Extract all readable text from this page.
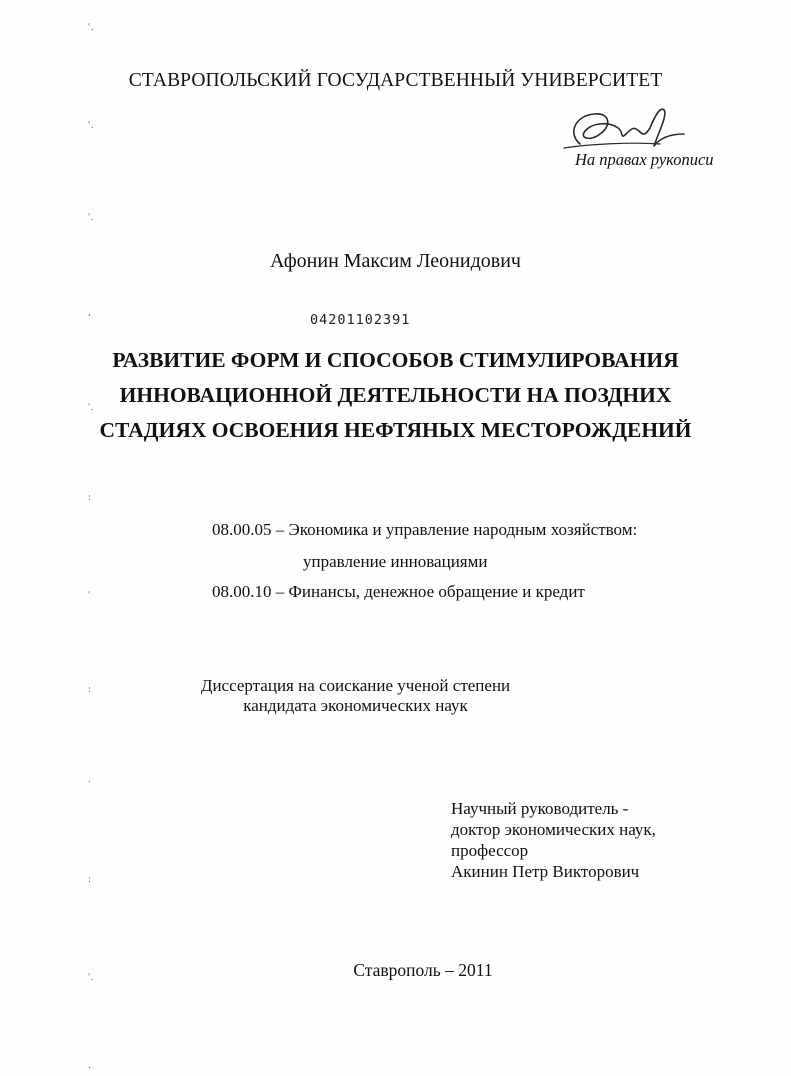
ՙ.
ՙ.
ՙ.
,
ՙ.
:
ՙ
:
.
:
ՙ.
.
СТАВРОПОЛЬСКИЙ ГОСУДАРСТВЕННЫЙ УНИВЕРСИТЕТ
На правах рукописи
Афонин Максим Леонидович
04201102391
РАЗВИТИЕ ФОРМ И СПОСОБОВ СТИМУЛИРОВАНИЯ
ИННОВАЦИОННОЙ ДЕЯТЕЛЬНОСТИ НА ПОЗДНИХ
СТАДИЯХ ОСВОЕНИЯ НЕФТЯНЫХ МЕСТОРОЖДЕНИЙ
08.00.05 – Экономика и управление народным хозяйством:
управление инновациями
08.00.10 – Финансы, денежное обращение и кредит
Диссертация на соискание ученой степени
кандидата экономических наук
Научный руководитель -
доктор экономических наук,
профессор
Акинин Петр Викторович
Ставрополь – 2011
